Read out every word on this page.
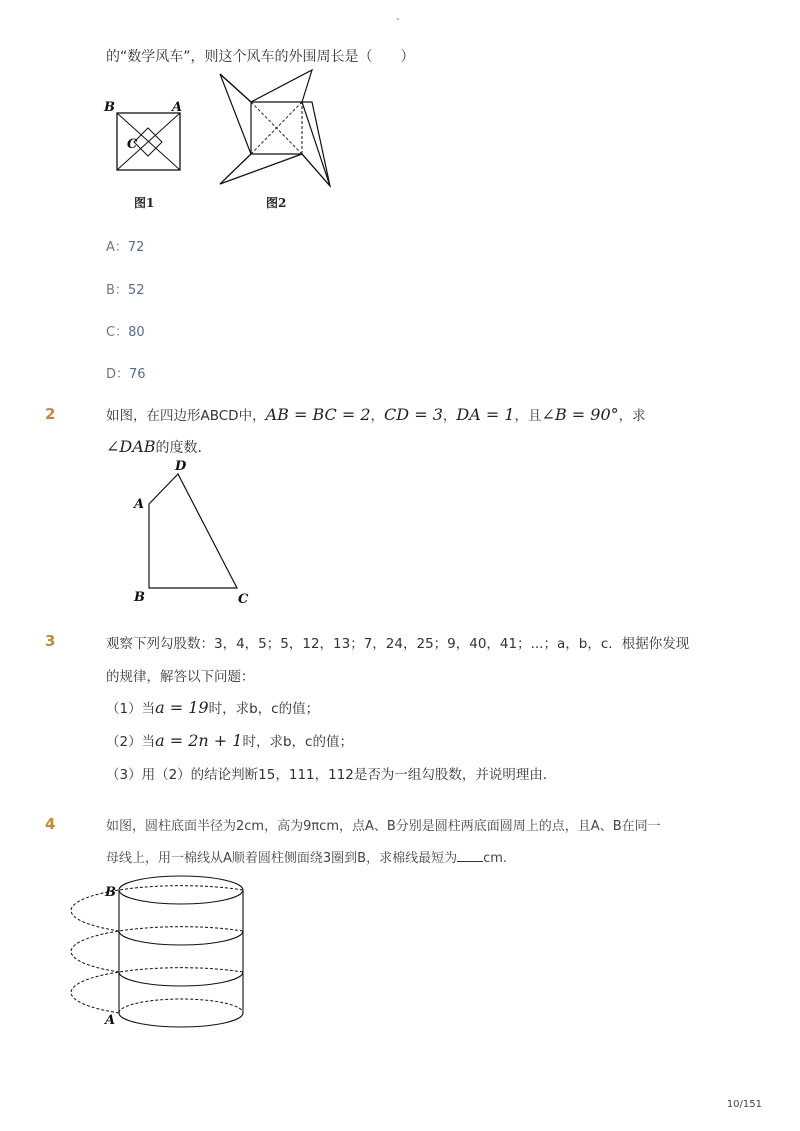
-
的“数学风车”，则这个风车的外围周长是（　　）
B	A
C
图1	图2
A：72
B：52
C：80
D：76
2	如图，在四边形ABCD中，AB = BC = 2，CD = 3，DA = 1，且∠B = 90°，求
∠DAB的度数．
D
A
B	C
3	观察下列勾股数：3，4，5；5，12，13；7，24，25；9，40，41；...；a，b，c．根据你发现
的规律，解答以下问题：
（1）当a = 19时，求b，c的值；
（2）当a = 2n + 1时，求b，c的值；
（3）用（2）的结论判断15，111，112是否为一组勾股数，并说明理由．
4	如图，圆柱底面半径为2cm，高为9πcm，点A、B分别是圆柱两底面圆周上的点，且A、B在同一
母线上，用一棉线从A顺着圆柱侧面绕3圈到B，求棉线最短为 cm.
B
A
10/151
